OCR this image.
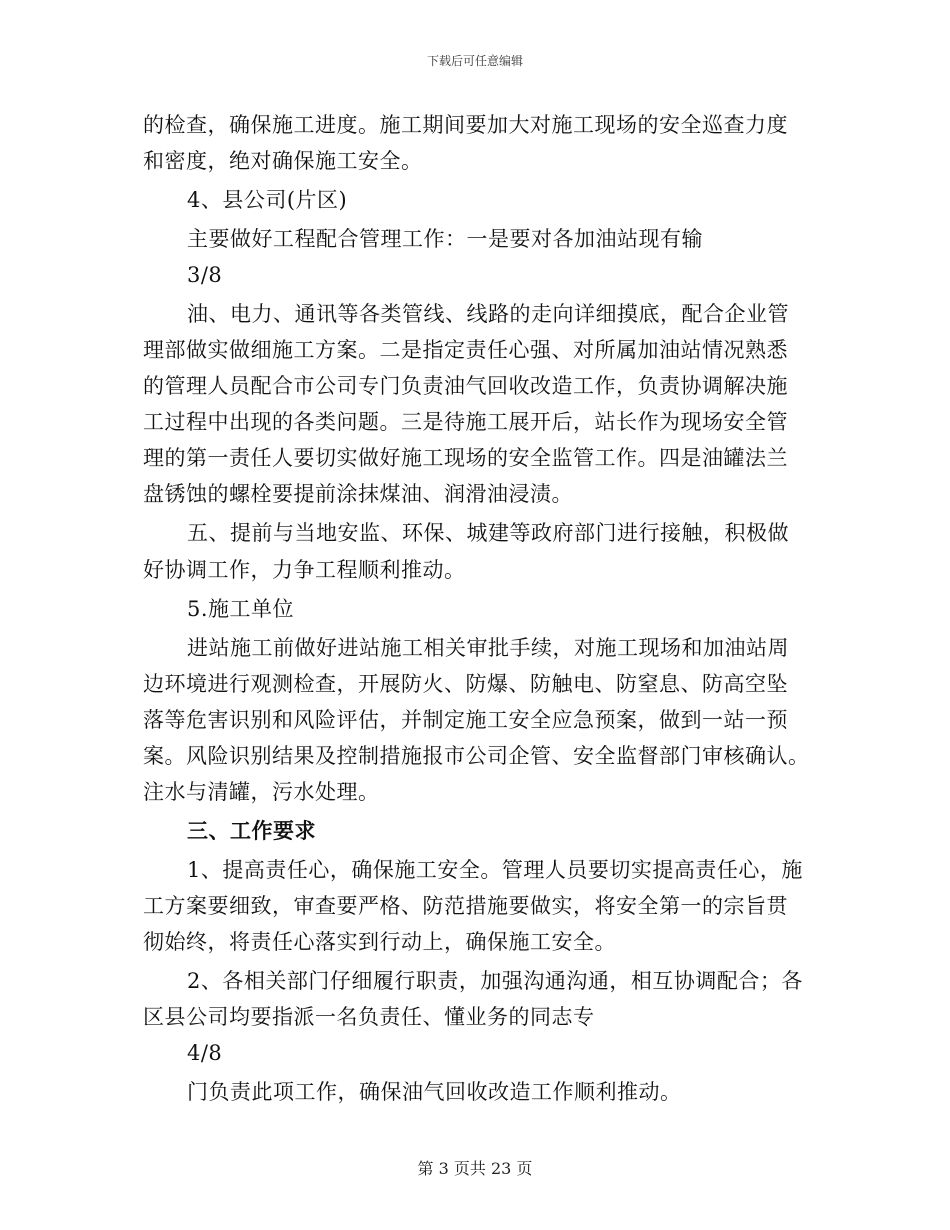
下载后可任意编辑
的检查，确保施工进度。施工期间要加大对施工现场的安全巡查力度
和密度，绝对确保施工安全。
4、县公司(片区)
主要做好工程配合管理工作：一是要对各加油站现有输
3/8
油、电力、通讯等各类管线、线路的走向详细摸底，配合企业管
理部做实做细施工方案。二是指定责任心强、对所属加油站情况熟悉
的管理人员配合市公司专门负责油气回收改造工作，负责协调解决施
工过程中出现的各类问题。三是待施工展开后，站长作为现场安全管
理的第一责任人要切实做好施工现场的安全监管工作。四是油罐法兰
盘锈蚀的螺栓要提前涂抹煤油、润滑油浸渍。
五、提前与当地安监、环保、城建等政府部门进行接触，积极做
好协调工作，力争工程顺利推动。
5.施工单位
进站施工前做好进站施工相关审批手续，对施工现场和加油站周
边环境进行观测检查，开展防火、防爆、防触电、防窒息、防高空坠
落等危害识别和风险评估，并制定施工安全应急预案，做到一站一预
案。风险识别结果及控制措施报市公司企管、安全监督部门审核确认。
注水与清罐，污水处理。
三、工作要求
1、提高责任心，确保施工安全。管理人员要切实提高责任心，施
工方案要细致，审查要严格、防范措施要做实，将安全第一的宗旨贯
彻始终，将责任心落实到行动上，确保施工安全。
2、各相关部门仔细履行职责，加强沟通沟通，相互协调配合；各
区县公司均要指派一名负责任、懂业务的同志专
4/8
门负责此项工作，确保油气回收改造工作顺利推动。
第 3 页共 23 页
